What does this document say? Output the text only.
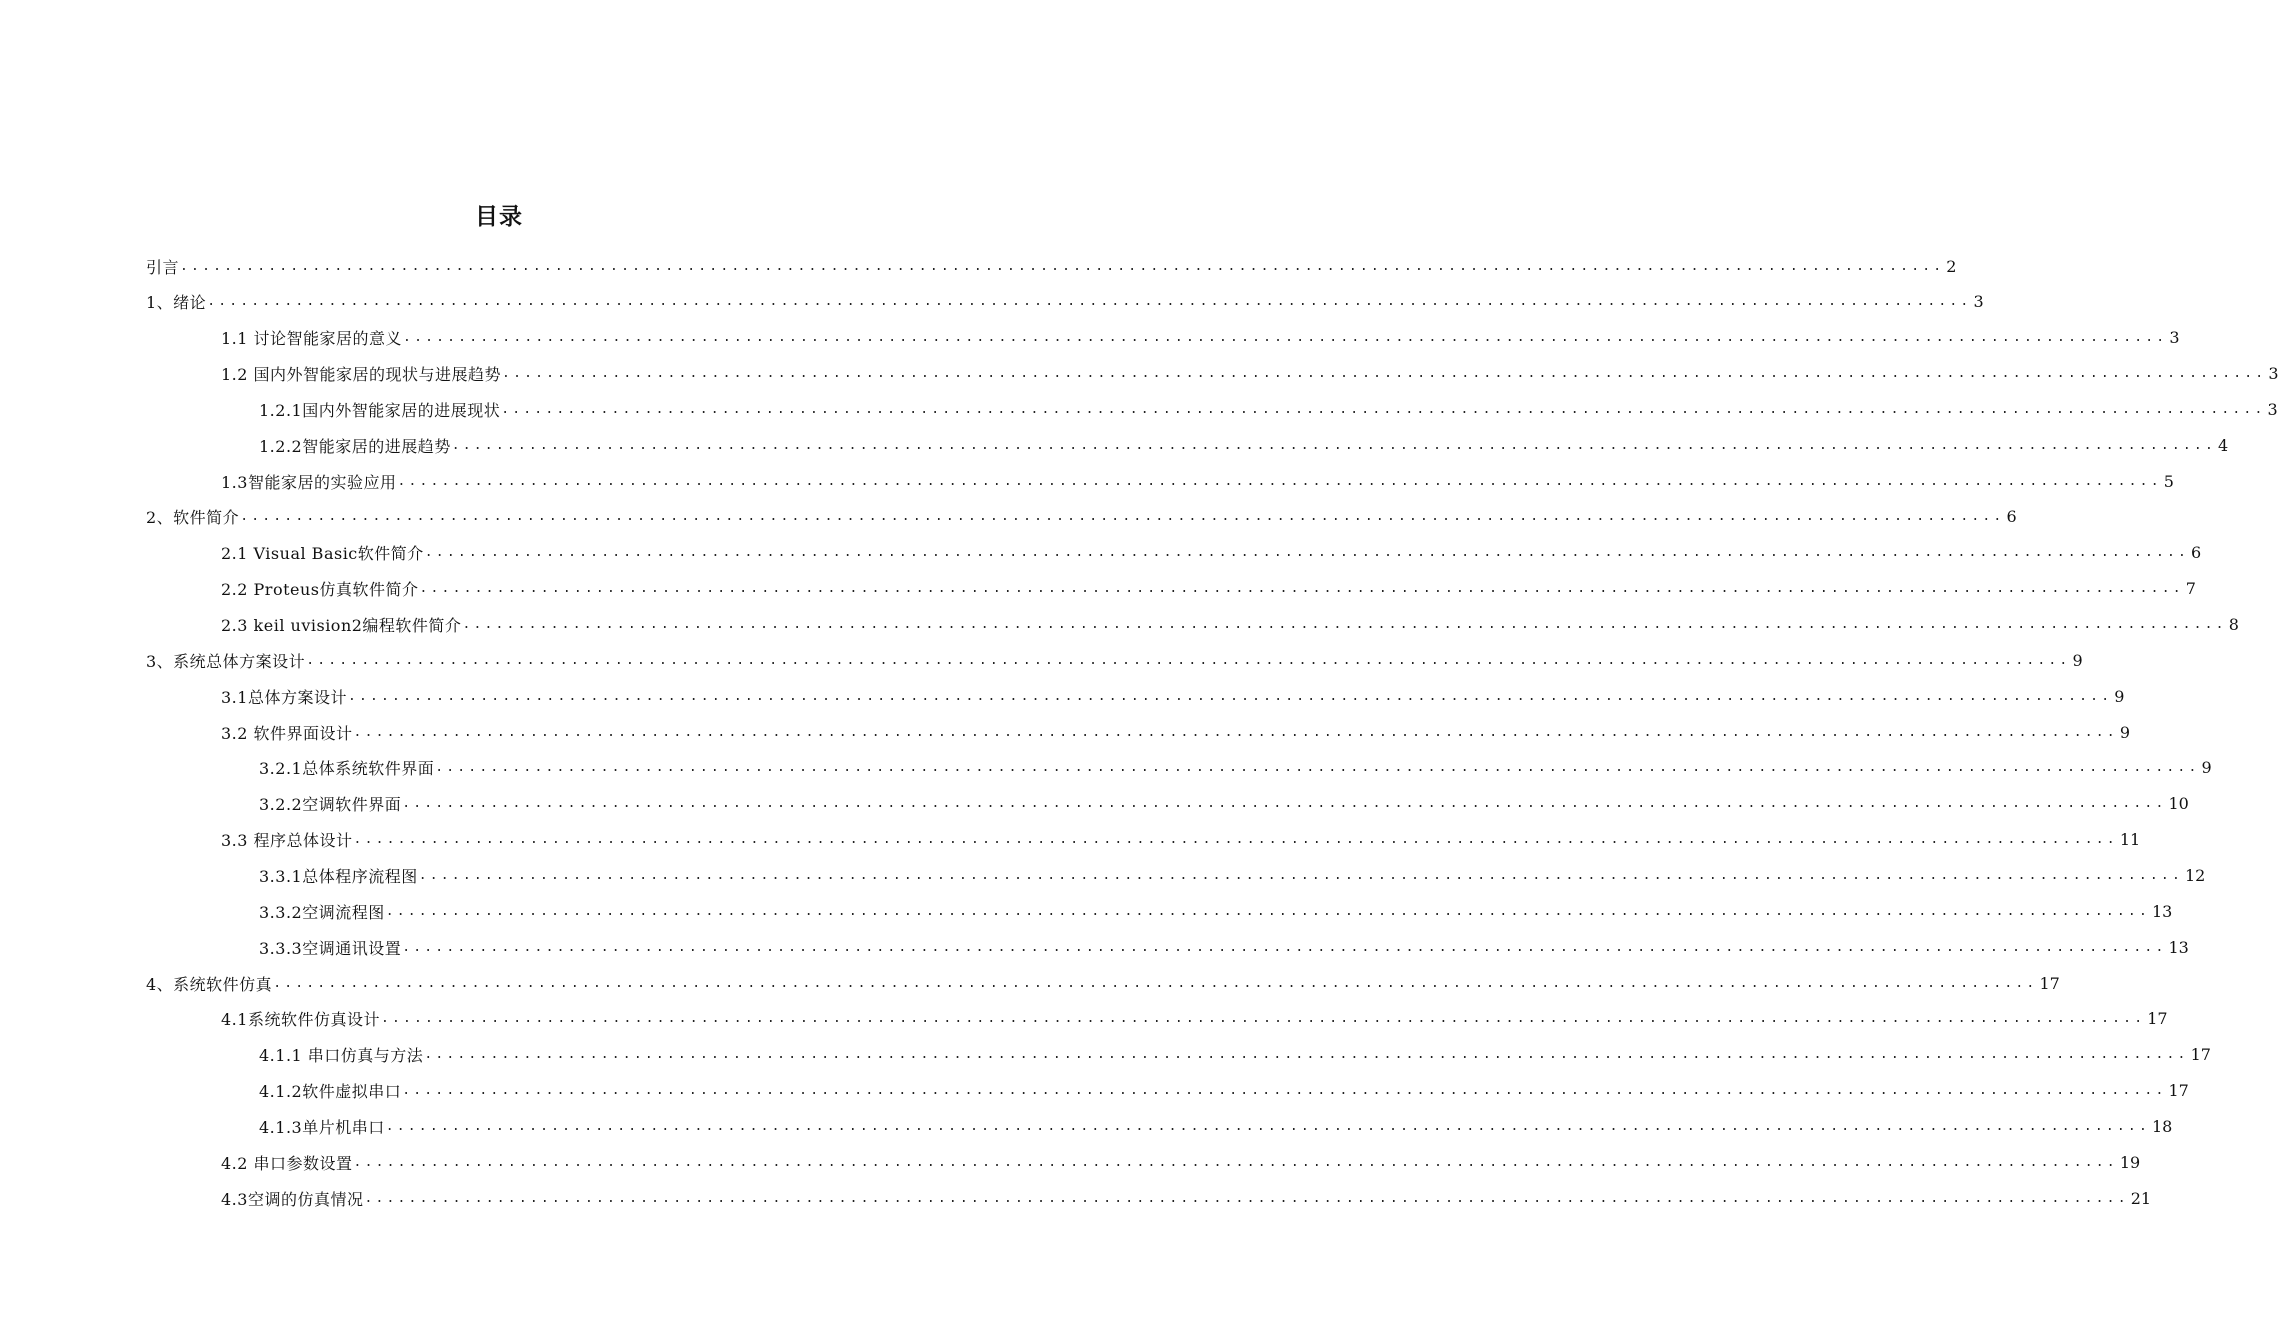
目录
引言 ................................................................................................................................................................ 2
1、绪论 ................................................................................................................................................................ 3
1.1 讨论智能家居的意义 ................................................................................................................................................................ 3
1.2 国内外智能家居的现状与进展趋势 ................................................................................................................................................................ 3
1.2.1国内外智能家居的进展现状 ................................................................................................................................................................ 3
1.2.2智能家居的进展趋势 ................................................................................................................................................................ 4
1.3智能家居的实验应用 ................................................................................................................................................................ 5
2、软件简介 ................................................................................................................................................................ 6
2.1 Visual Basic软件简介 ................................................................................................................................................................ 6
2.2 Proteus仿真软件简介 ................................................................................................................................................................ 7
2.3 keil uvision2编程软件简介 ................................................................................................................................................................ 8
3、系统总体方案设计 ................................................................................................................................................................ 9
3.1总体方案设计 ................................................................................................................................................................ 9
3.2 软件界面设计 ................................................................................................................................................................ 9
3.2.1总体系统软件界面 ................................................................................................................................................................ 9
3.2.2空调软件界面 ................................................................................................................................................................ 10
3.3 程序总体设计 ................................................................................................................................................................ 11
3.3.1总体程序流程图 ................................................................................................................................................................ 12
3.3.2空调流程图 ................................................................................................................................................................ 13
3.3.3空调通讯设置 ................................................................................................................................................................ 13
4、系统软件仿真 ................................................................................................................................................................ 17
4.1系统软件仿真设计 ................................................................................................................................................................ 17
4.1.1 串口仿真与方法 ................................................................................................................................................................ 17
4.1.2软件虚拟串口 ................................................................................................................................................................ 17
4.1.3单片机串口 ................................................................................................................................................................ 18
4.2 串口参数设置 ................................................................................................................................................................ 19
4.3空调的仿真情况 ................................................................................................................................................................ 21
